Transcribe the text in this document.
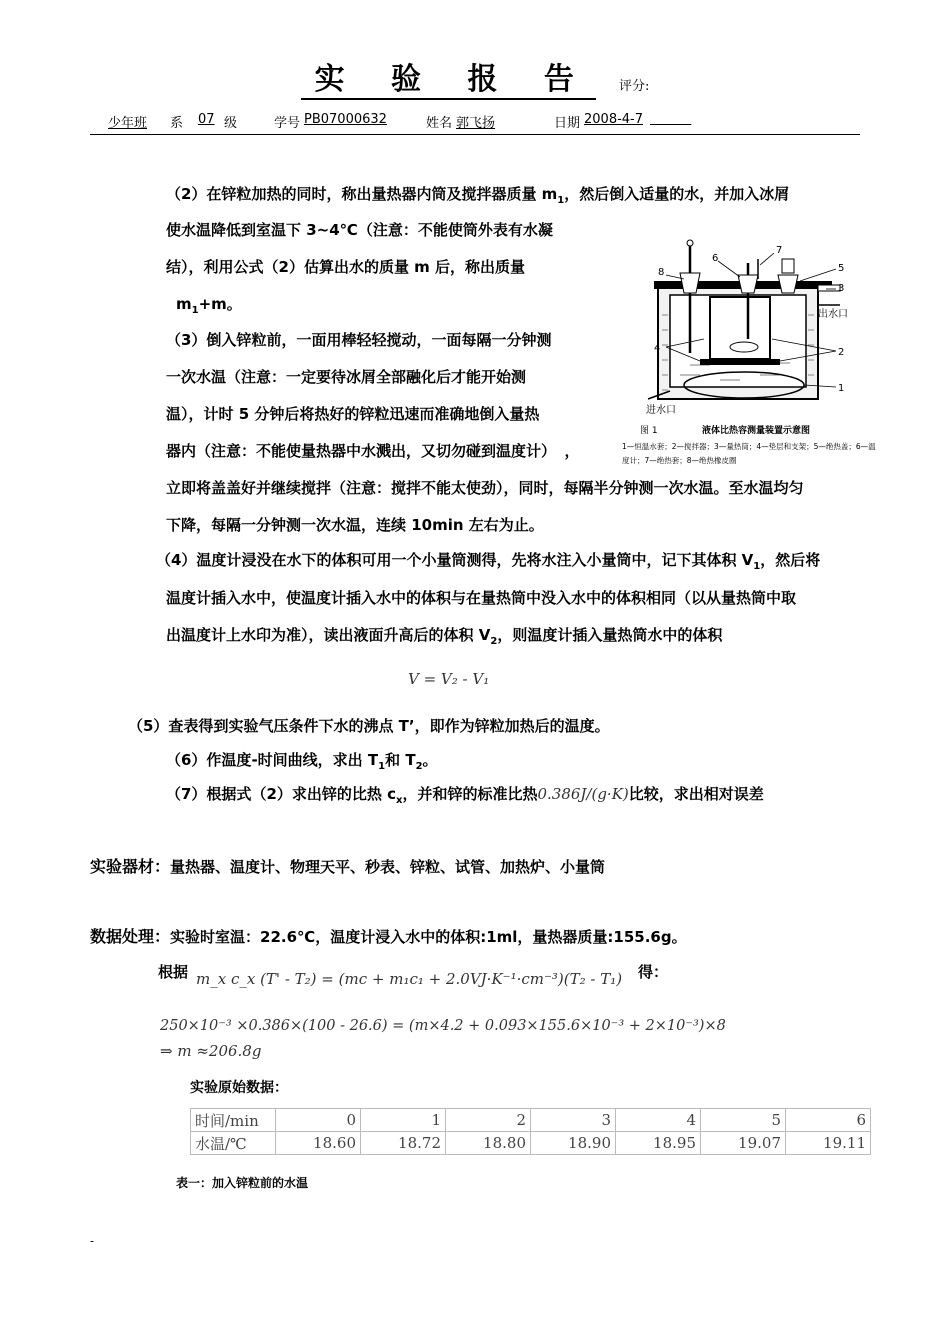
实 验 报 告 评分:
少年班 系 07 级	学号 PB07000632	姓名 郭飞扬	日期 2008-4-7

（2）在锌粒加热的同时，称出量热器内筒及搅拌器质量 $m_1$，然后倒入适量的水，并加入冰屑
使水温降低到室温下 3~4℃（注意：不能使筒外表有水凝
结），利用公式（2）估算出水的质量 m 后，称出质量
$m_1+m$。
（3）倒入锌粒前，一面用棒轻轻搅动，一面每隔一分钟测
一次水温（注意：一定要待冰屑全部融化后才能开始测
温），计时 5 分钟后将热好的锌粒迅速而准确地倒入量热
器内（注意：不能使量热器中水溅出，又切勿碰到温度计） ，
立即将盖盖好并继续搅拌（注意：搅拌不能太使劲），同时，每隔半分钟测一次水温。至水温均匀
下降，每隔一分钟测一次水温，连续 10min 左右为止。
（4）温度计浸没在水下的体积可用一个小量筒测得，先将水注入小量筒中，记下其体积 $V_1$，然后将
温度计插入水中，使温度计插入水中的体积与在量热筒中没入水中的体积相同（以从量热筒中取
出温度计上水印为准），读出液面升高后的体积 $V_2$，则温度计插入量热筒水中的体积
V = V₂ - V₁
（5）查表得到实验气压条件下水的沸点 T’，即作为锌粒加热后的温度。
（6）作温度-时间曲线，求出 $T_1$和 $T_2$。
（7）根据式（2）求出锌的比热 $c_x$，并和锌的标准比热0.386J/(g·K)比较，求出相对误差
8
6
7
5
3
4	2
1
出水口
进水口
图 1	液体比热容测量装置示意图
1—恒温水套；2—搅拌器；3—量热筒；4—垫层和支架；5—绝热盖；6—温
度计；7—绝热套；8—绝热橡皮圈
实验器材：量热器、温度计、物理天平、秒表、锌粒、试管、加热炉、小量筒
数据处理：实验时室温：22.6℃，温度计浸入水中的体积:1ml，量热器质量:155.6g。
根据 m_x c_x (T' - T₂) = (mc + m₁c₁ + 2.0VJ·K⁻¹·cm⁻³)(T₂ - T₁) 得：
250×10⁻³ ×0.386×(100 - 26.6) = (m×4.2 + 0.093×155.6×10⁻³ + 2×10⁻³)×8
⇒ m ≈206.8g
实验原始数据：
时间/min	0	1	2	3	4	5	6
水温/℃	18.60	18.72	18.80	18.90	18.95	19.07	19.11
表一：加入锌粒前的水温
-
